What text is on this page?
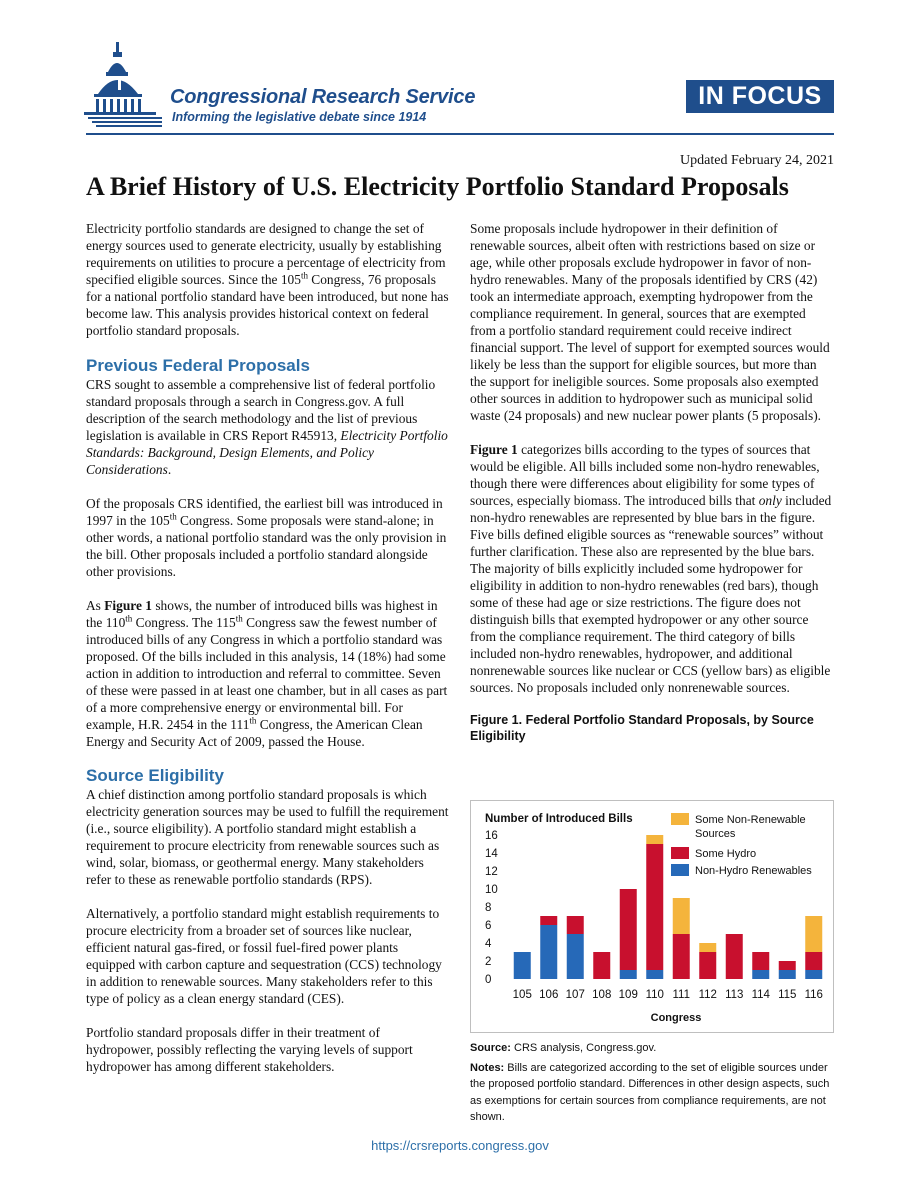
Congressional Research Service
Informing the legislative debate since 1914
IN FOCUS
Updated February 24, 2021
A Brief History of U.S. Electricity Portfolio Standard Proposals

Electricity portfolio standards are designed to change the set of energy sources used to generate electricity, usually by establishing requirements on utilities to procure a percentage of electricity from specified eligible sources. Since the 105th Congress, 76 proposals for a national portfolio standard have been introduced, but none has become law. This analysis provides historical context on federal portfolio standard proposals.

Previous Federal Proposals

CRS sought to assemble a comprehensive list of federal portfolio standard proposals through a search in Congress.gov. A full description of the search methodology and the list of previous legislation is available in CRS Report R45913, Electricity Portfolio Standards: Background, Design Elements, and Policy Considerations.

Of the proposals CRS identified, the earliest bill was introduced in 1997 in the 105th Congress. Some proposals were stand-alone; in other words, a national portfolio standard was the only provision in the bill. Other proposals included a portfolio standard alongside other provisions.

As Figure 1 shows, the number of introduced bills was highest in the 110th Congress. The 115th Congress saw the fewest number of introduced bills of any Congress in which a portfolio standard was proposed. Of the bills included in this analysis, 14 (18%) had some action in addition to introduction and referral to committee. Seven of these were passed in at least one chamber, but in all cases as part of a more comprehensive energy or environmental bill. For example, H.R. 2454 in the 111th Congress, the American Clean Energy and Security Act of 2009, passed the House.

Source Eligibility

A chief distinction among portfolio standard proposals is which electricity generation sources may be used to fulfill the requirement (i.e., source eligibility). A portfolio standard might establish a requirement to procure electricity from renewable sources such as wind, solar, biomass, or geothermal energy. Many stakeholders refer to these as renewable portfolio standards (RPS).

Alternatively, a portfolio standard might establish requirements to procure electricity from a broader set of sources like nuclear, efficient natural gas-fired, or fossil fuel-fired power plants equipped with carbon capture and sequestration (CCS) technology in addition to renewable sources. Many stakeholders refer to this type of policy as a clean energy standard (CES).

Portfolio standard proposals differ in their treatment of hydropower, possibly reflecting the varying levels of support hydropower has among different stakeholders.

Some proposals include hydropower in their definition of renewable sources, albeit often with restrictions based on size or age, while other proposals exclude hydropower in favor of non-hydro renewables. Many of the proposals identified by CRS (42) took an intermediate approach, exempting hydropower from the compliance requirement. In general, sources that are exempted from a portfolio standard requirement could receive indirect financial support. The level of support for exempted sources would likely be less than the support for eligible sources, but more than the support for ineligible sources. Some proposals also exempted other sources in addition to hydropower such as municipal solid waste (24 proposals) and new nuclear power plants (5 proposals).

Figure 1 categorizes bills according to the types of sources that would be eligible. All bills included some non-hydro renewables, though there were differences about eligibility for some types of sources, especially biomass. The introduced bills that only included non-hydro renewables are represented by blue bars in the figure. Five bills defined eligible sources as “renewable sources” without further clarification. These also are represented by the blue bars. The majority of bills explicitly included some hydropower for eligibility in addition to non-hydro renewables (red bars), though some of these had age or size restrictions. The figure does not distinguish bills that exempted hydropower or any other source from the compliance requirement. The third category of bills included non-hydro renewables, hydropower, and additional nonrenewable sources like nuclear or CCS (yellow bars) as eligible sources. No proposals included only nonrenewable sources.

Figure 1. Federal Portfolio Standard Proposals, by Source Eligibility
Number of Introduced Bills
0
2
4
6
8
10
12
14
16
105 106 107 108 109 110 111 112 113 114 115 116
Congress
Some Non-Renewable
Sources
Some Hydro
Non-Hydro Renewables

Source: CRS analysis, Congress.gov.

Notes: Bills are categorized according to the set of eligible sources under the proposed portfolio standard. Differences in other design aspects, such as exemptions for certain sources from compliance requirements, are not shown.

https://crsreports.congress.gov
